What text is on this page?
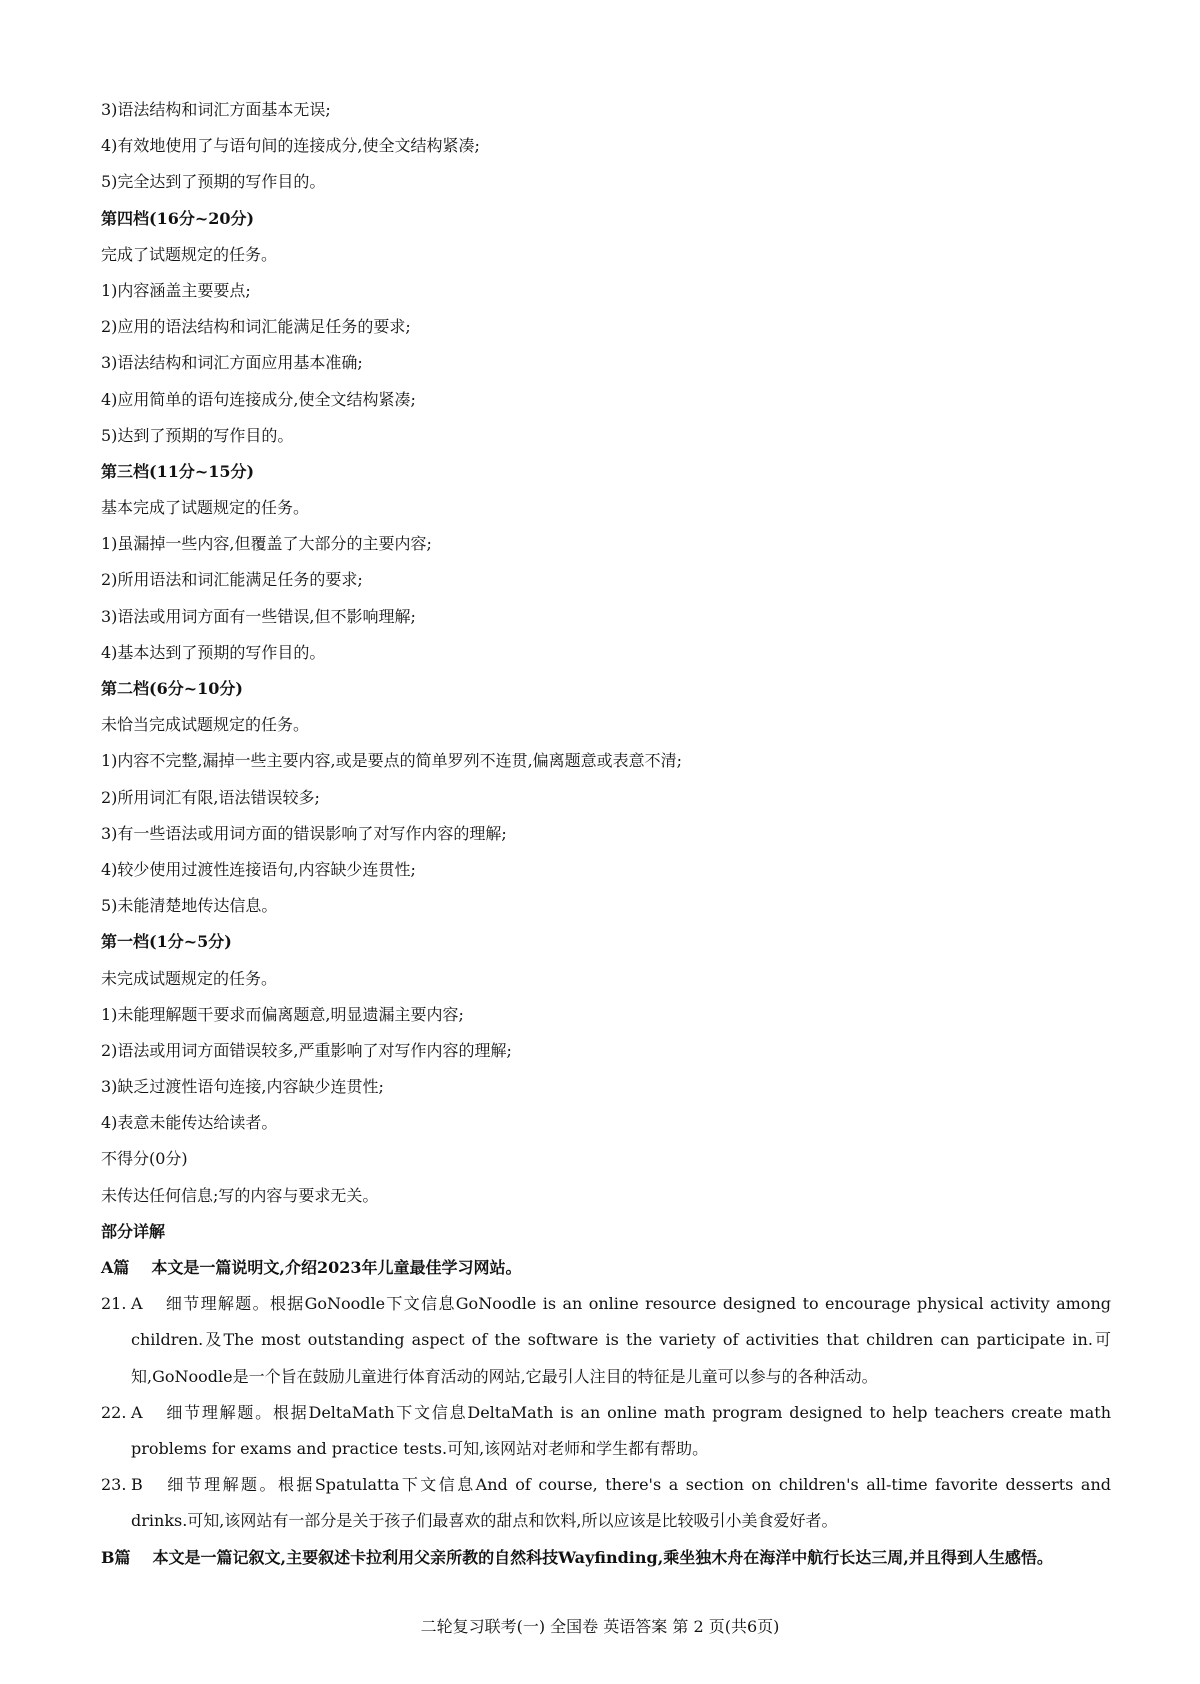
3)语法结构和词汇方面基本无误;
4)有效地使用了与语句间的连接成分,使全文结构紧凑;
5)完全达到了预期的写作目的。
第四档(16分~20分)
完成了试题规定的任务。
1)内容涵盖主要要点;
2)应用的语法结构和词汇能满足任务的要求;
3)语法结构和词汇方面应用基本准确;
4)应用简单的语句连接成分,使全文结构紧凑;
5)达到了预期的写作目的。
第三档(11分~15分)
基本完成了试题规定的任务。
1)虽漏掉一些内容,但覆盖了大部分的主要内容;
2)所用语法和词汇能满足任务的要求;
3)语法或用词方面有一些错误,但不影响理解;
4)基本达到了预期的写作目的。
第二档(6分~10分)
未恰当完成试题规定的任务。
1)内容不完整,漏掉一些主要内容,或是要点的简单罗列不连贯,偏离题意或表意不清;
2)所用词汇有限,语法错误较多;
3)有一些语法或用词方面的错误影响了对写作内容的理解;
4)较少使用过渡性连接语句,内容缺少连贯性;
5)未能清楚地传达信息。
第一档(1分~5分)
未完成试题规定的任务。
1)未能理解题干要求而偏离题意,明显遗漏主要内容;
2)语法或用词方面错误较多,严重影响了对写作内容的理解;
3)缺乏过渡性语句连接,内容缺少连贯性;
4)表意未能传达给读者。
不得分(0分)
未传达任何信息;写的内容与要求无关。
部分详解
A篇 本文是一篇说明文,介绍2023年儿童最佳学习网站。
21. A 细节理解题。根据GoNoodle下文信息GoNoodle is an online resource designed to encourage physical activity among children.及The most outstanding aspect of the software is the variety of activities that children can participate in.可知,GoNoodle是一个旨在鼓励儿童进行体育活动的网站,它最引人注目的特征是儿童可以参与的各种活动。
22. A 细节理解题。根据DeltaMath下文信息DeltaMath is an online math program designed to help teachers create math problems for exams and practice tests.可知,该网站对老师和学生都有帮助。
23. B 细节理解题。根据Spatulatta下文信息And of course, there's a section on children's all-time favorite desserts and drinks.可知,该网站有一部分是关于孩子们最喜欢的甜点和饮料,所以应该是比较吸引小美食爱好者。
B篇 本文是一篇记叙文,主要叙述卡拉利用父亲所教的自然科技Wayfinding,乘坐独木舟在海洋中航行长达三周,并且得到人生感悟。
二轮复习联考(一) 全国卷 英语答案 第 2 页(共6页)
